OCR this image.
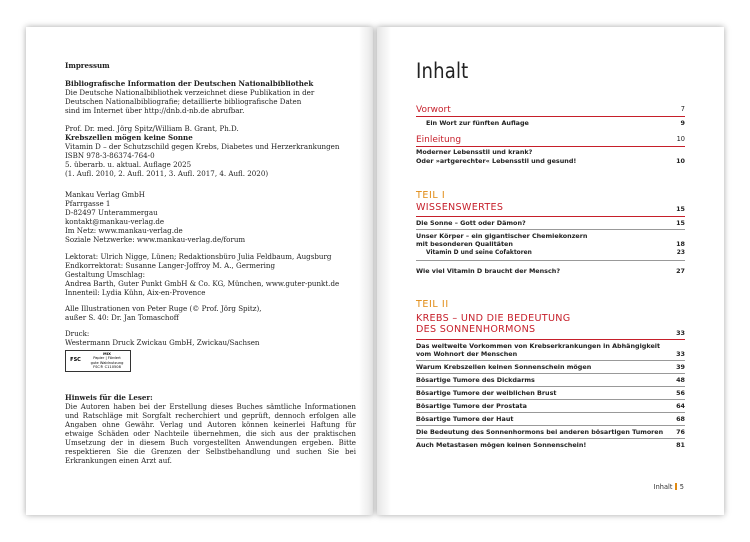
Impressum
Bibliografische Information der Deutschen Nationalbibliothek
Die Deutsche Nationalbibliothek verzeichnet diese Publikation in der
Deutschen Nationalbibliografie; detaillierte bibliografische Daten
sind im Internet über http://dnb.d-nb.de abrufbar.
Prof. Dr. med. Jörg Spitz/William B. Grant, Ph.D.
Krebszellen mögen keine Sonne
Vitamin D – der Schutzschild gegen Krebs, Diabetes und Herzerkrankungen
ISBN 978-3-86374-764-0
5. überarb. u. aktual. Auflage 2025
(1. Aufl. 2010, 2. Aufl. 2011, 3. Aufl. 2017, 4. Aufl. 2020)
Mankau Verlag GmbH
Pfarrgasse 1
D-82497 Unterammergau
kontakt@mankau-verlag.de
Im Netz: www.mankau-verlag.de
Soziale Netzwerke: www.mankau-verlag.de/forum
Lektorat: Ulrich Nigge, Lünen; Redaktionsbüro Julia Feldbaum, Augsburg
Endkorrektorat: Susanne Langer-Joffroy M. A., Germering
Gestaltung Umschlag:
Andrea Barth, Guter Punkt GmbH & Co. KG, München, www.guter-punkt.de
Innenteil: Lydia Kühn, Aix-en-Provence
Alle Illustrationen von Peter Ruge (© Prof. Jörg Spitz),
außer S. 40: Dr. Jan Tomaschoff
Druck:
Westermann Druck Zwickau GmbH, Zwickau/Sachsen
FSC
MIX
Papier | Fördert
gute Waldnutzung
FSC® C110508
Hinweis für die Leser:
Die Autoren haben bei der Erstellung dieses Buches sämtliche Informationen und Ratschläge mit Sorgfalt recherchiert und geprüft, dennoch erfolgen alle Angaben ohne Gewähr. Verlag und Autoren können keinerlei Haftung für etwaige Schäden oder Nachteile übernehmen, die sich aus der praktischen Umsetzung der in diesem Buch vorgestellten Anwendungen ergeben. Bitte respektieren Sie die Grenzen der Selbstbehandlung und suchen Sie bei Erkrankungen einen Arzt auf.
Inhalt
Vorwort	7
Ein Wort zur fünften Auflage	9
Einleitung	10
Moderner Lebensstil und krank?
Oder »artgerechter« Lebensstil und gesund!	10
TEIL I
WISSENSWERTES	15
Die Sonne – Gott oder Dämon?	15
Unser Körper – ein gigantischer Chemiekonzern
mit besonderen Qualitäten	18
Vitamin D und seine Cofaktoren	23
Wie viel Vitamin D braucht der Mensch?	27
TEIL II
KREBS – UND DIE BEDEUTUNG
DES SONNENHORMONS	33
Das weltweite Vorkommen von Krebserkrankungen in Abhängigkeit
vom Wohnort der Menschen	33
Warum Krebszellen keinen Sonnenschein mögen	39
Bösartige Tumore des Dickdarms	48
Bösartige Tumore der weiblichen Brust	56
Bösartige Tumore der Prostata	64
Bösartige Tumore der Haut	68
Die Bedeutung des Sonnenhormons bei anderen bösartigen Tumoren 76
Auch Metastasen mögen keinen Sonnenschein!	81
Inhalt 5
